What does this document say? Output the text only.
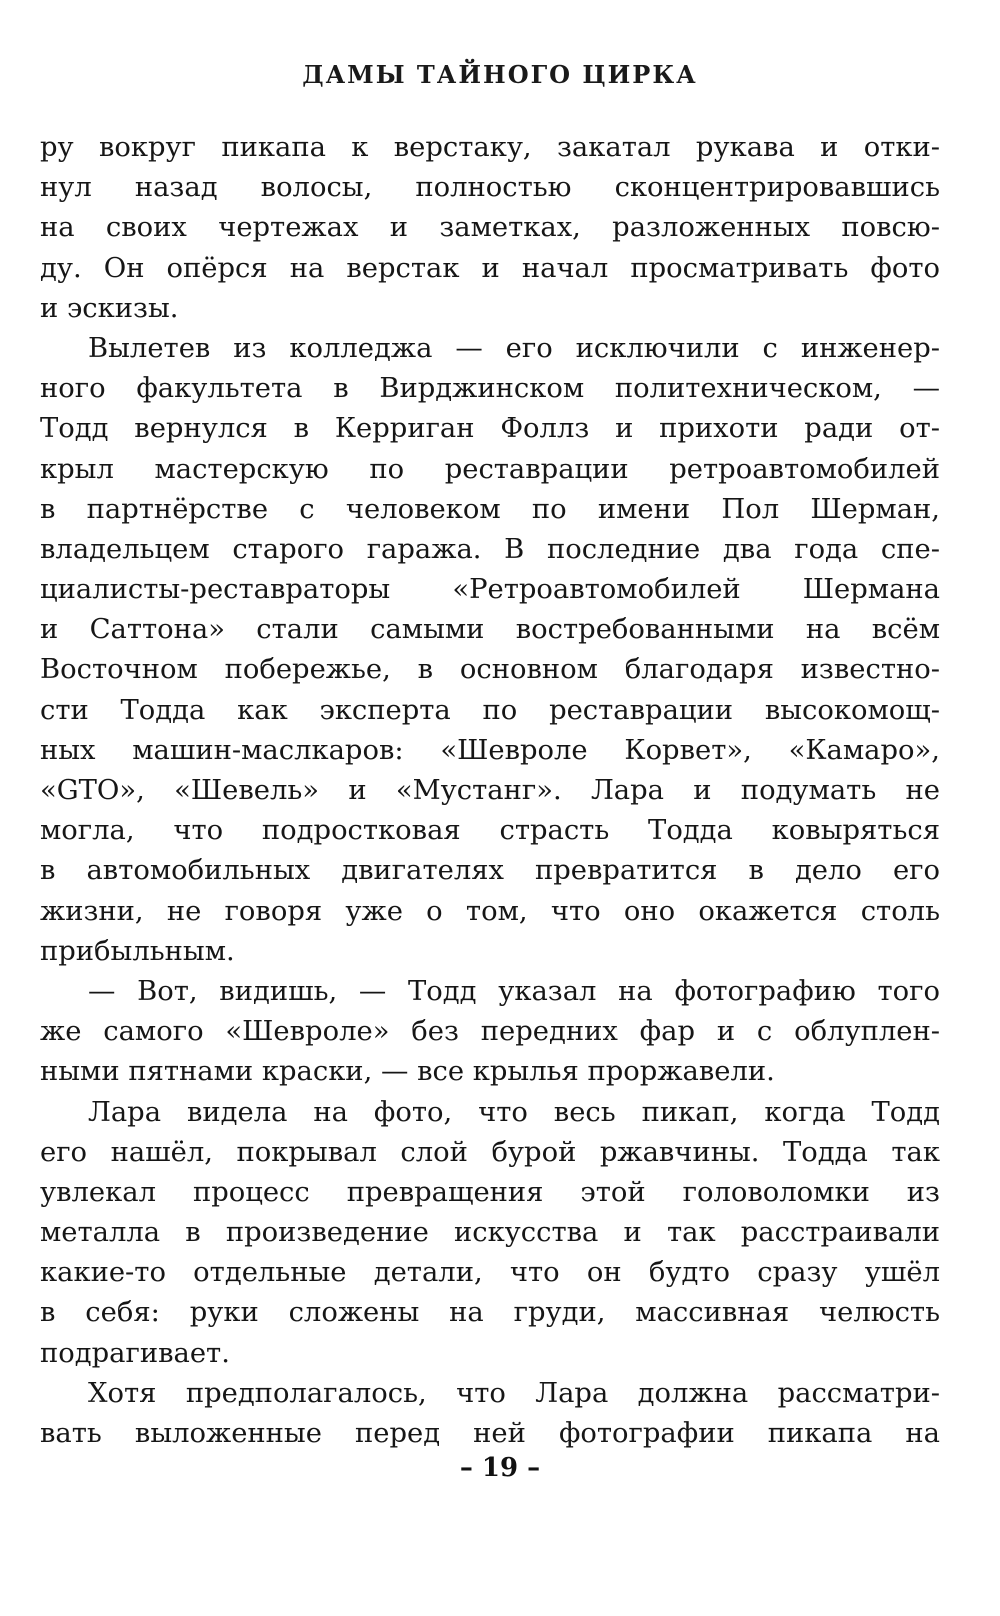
ДАМЫ ТАЙНОГО ЦИРКА
ру вокруг пикапа к верстаку, закатал рукава и отки-
нул назад волосы, полностью сконцентрировавшись
на своих чертежах и заметках, разложенных повсю-
ду. Он опёрся на верстак и начал просматривать фото
и эскизы.
Вылетев из колледжа — его исключили с инженер-
ного факультета в Вирджинском политехническом, —
Тодд вернулся в Керриган Фоллз и прихоти ради от-
крыл мастерскую по реставрации ретроавтомобилей
в партнёрстве с человеком по имени Пол Шерман,
владельцем старого гаража. В последние два года спе-
циалисты-реставраторы «Ретроавтомобилей Шермана
и Саттона» стали самыми востребованными на всём
Восточном побережье, в основном благодаря известно-
сти Тодда как эксперта по реставрации высокомощ-
ных машин-маслкаров: «Шевроле Корвет», «Камаро»,
«GTO», «Шевель» и «Мустанг». Лара и подумать не
могла, что подростковая страсть Тодда ковыряться
в автомобильных двигателях превратится в дело его
жизни, не говоря уже о том, что оно окажется столь
прибыльным.
— Вот, видишь, — Тодд указал на фотографию того
же самого «Шевроле» без передних фар и с облуплен-
ными пятнами краски, — все крылья проржавели.
Лара видела на фото, что весь пикап, когда Тодд
его нашёл, покрывал слой бурой ржавчины. Тодда так
увлекал процесс превращения этой головоломки из
металла в произведение искусства и так расстраивали
какие-то отдельные детали, что он будто сразу ушёл
в себя: руки сложены на груди, массивная челюсть
подрагивает.
Хотя предполагалось, что Лара должна рассматри-
вать выложенные перед ней фотографии пикапа на
– 19 –
